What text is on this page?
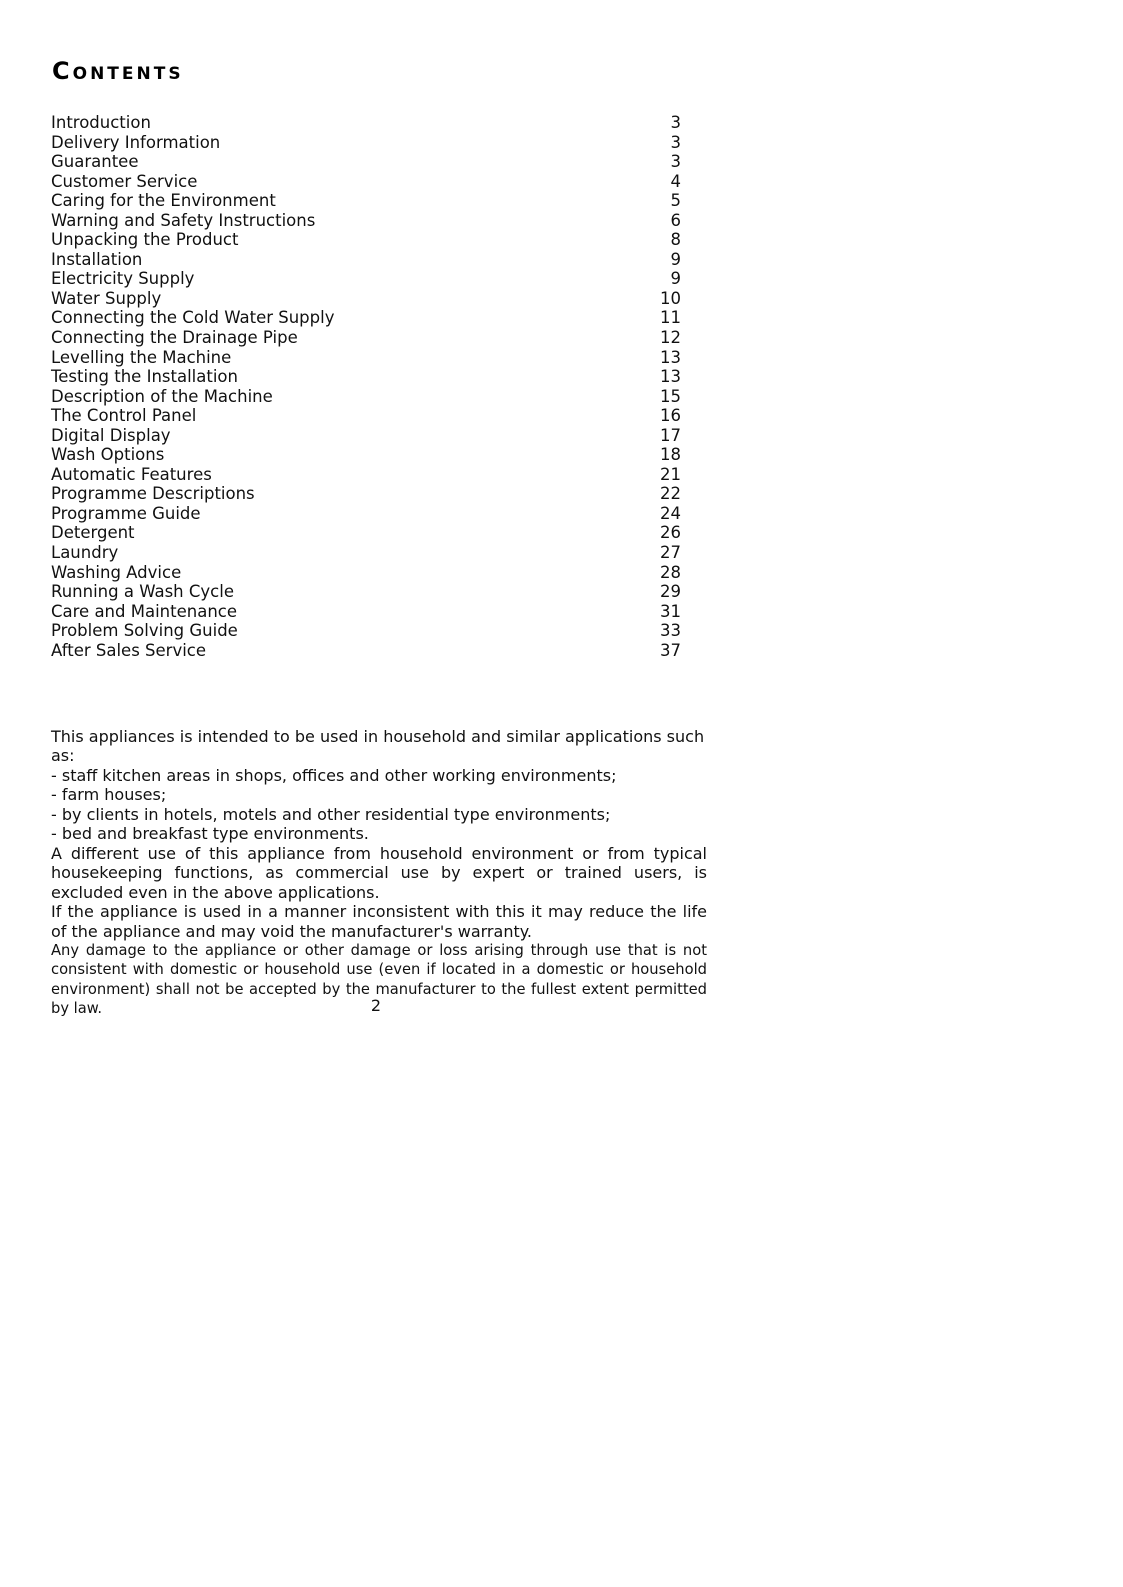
Contents
Introduction	3
Delivery Information	3
Guarantee	3
Customer Service	4
Caring for the Environment	5
Warning and Safety Instructions	6
Unpacking the Product	8
Installation	9
Electricity Supply	9
Water Supply	10
Connecting the Cold Water Supply	11
Connecting the Drainage Pipe	12
Levelling the Machine	13
Testing the Installation	13
Description of the Machine	15
The Control Panel	16
Digital Display	17
Wash Options	18
Automatic Features	21
Programme Descriptions	22
Programme Guide	24
Detergent	26
Laundry	27
Washing Advice	28
Running a Wash Cycle	29
Care and Maintenance	31
Problem Solving Guide	33
After Sales Service	37

This appliances is intended to be used in household and similar applications such as:

- staff kitchen areas in shops, offices and other working environments;

- farm houses;

- by clients in hotels, motels and other residential type environments;

- bed and breakfast type environments.

A different use of this appliance from household environment or from typical housekeeping functions, as commercial use by expert or trained users, is excluded even in the above applications.

If the appliance is used in a manner inconsistent with this it may reduce the life of the appliance and may void the manufacturer's warranty.

Any damage to the appliance or other damage or loss arising through use that is not consistent with domestic or household use (even if located in a domestic or household environment) shall not be accepted by the manufacturer to the fullest extent permitted by law.	2
